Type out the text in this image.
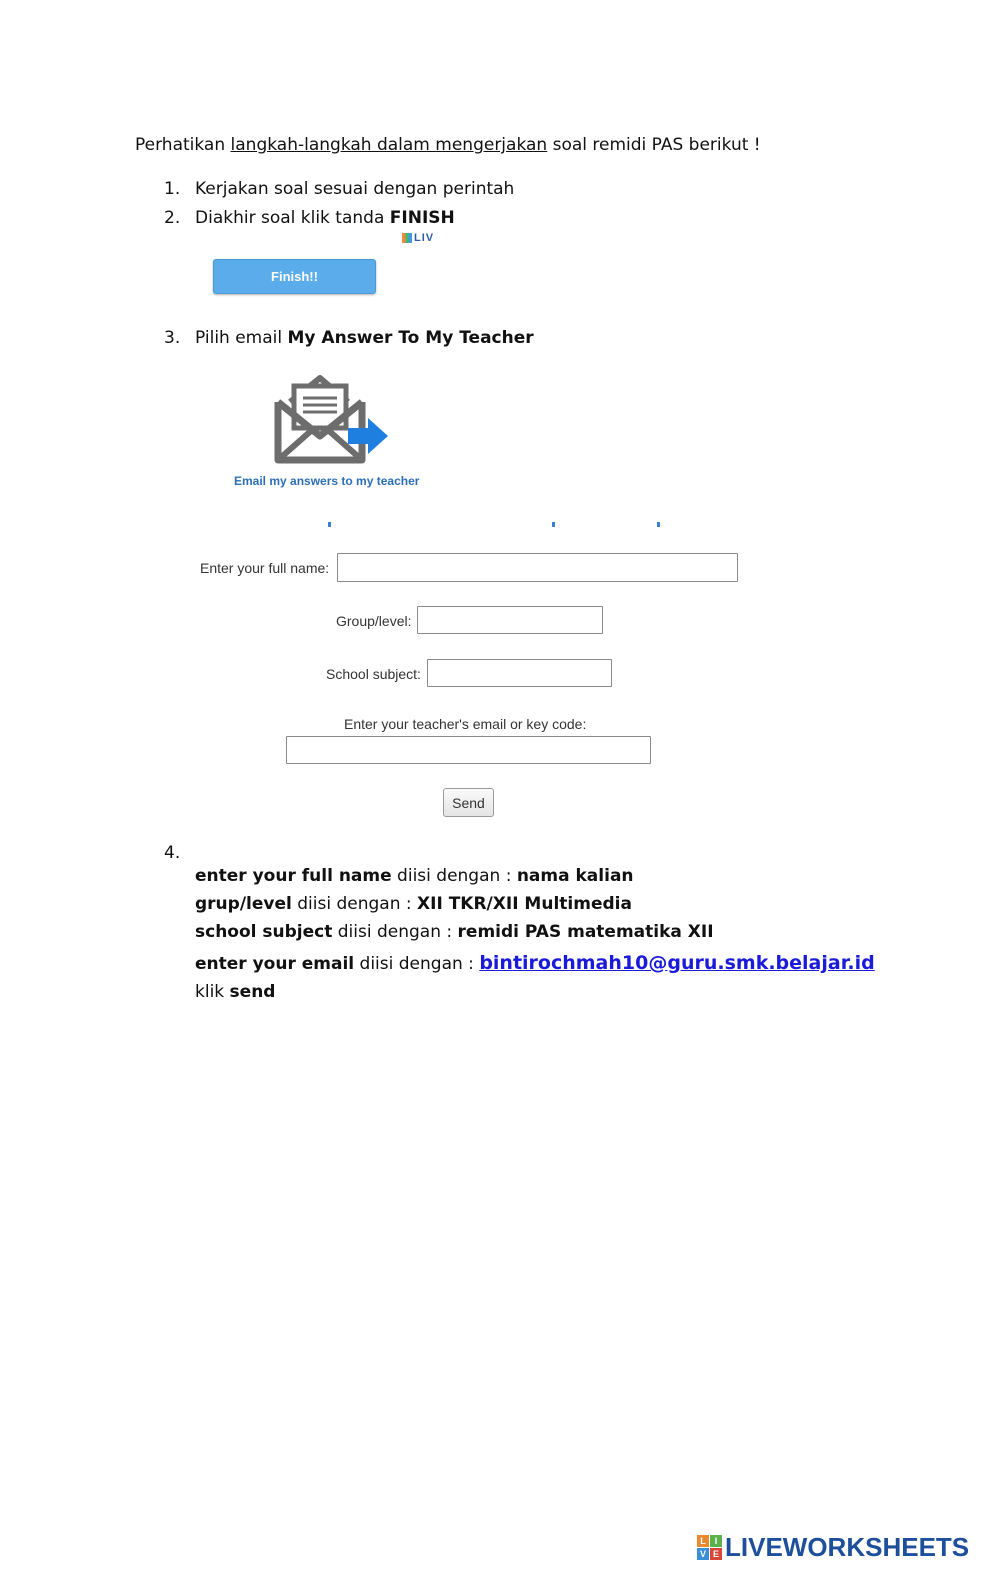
Perhatikan langkah-langkah dalam mengerjakan soal remidi PAS berikut !
1. Kerjakan soal sesuai dengan perintah
2. Diakhir soal klik tanda FINISH
LIV
Finish!!
3. Pilih email My Answer To My Teacher
Email my answers to my teacher
Enter your full name:
Group/level:
School subject:
Enter your teacher's email or key code:
Send
4.
enter your full name diisi dengan : nama kalian
grup/level diisi dengan : XII TKR/XII Multimedia
school subject diisi dengan : remidi PAS matematika XII
enter your email diisi dengan : bintirochmah10@guru.smk.belajar.id
klik send
L I
V E LIVEWORKSHEETS
